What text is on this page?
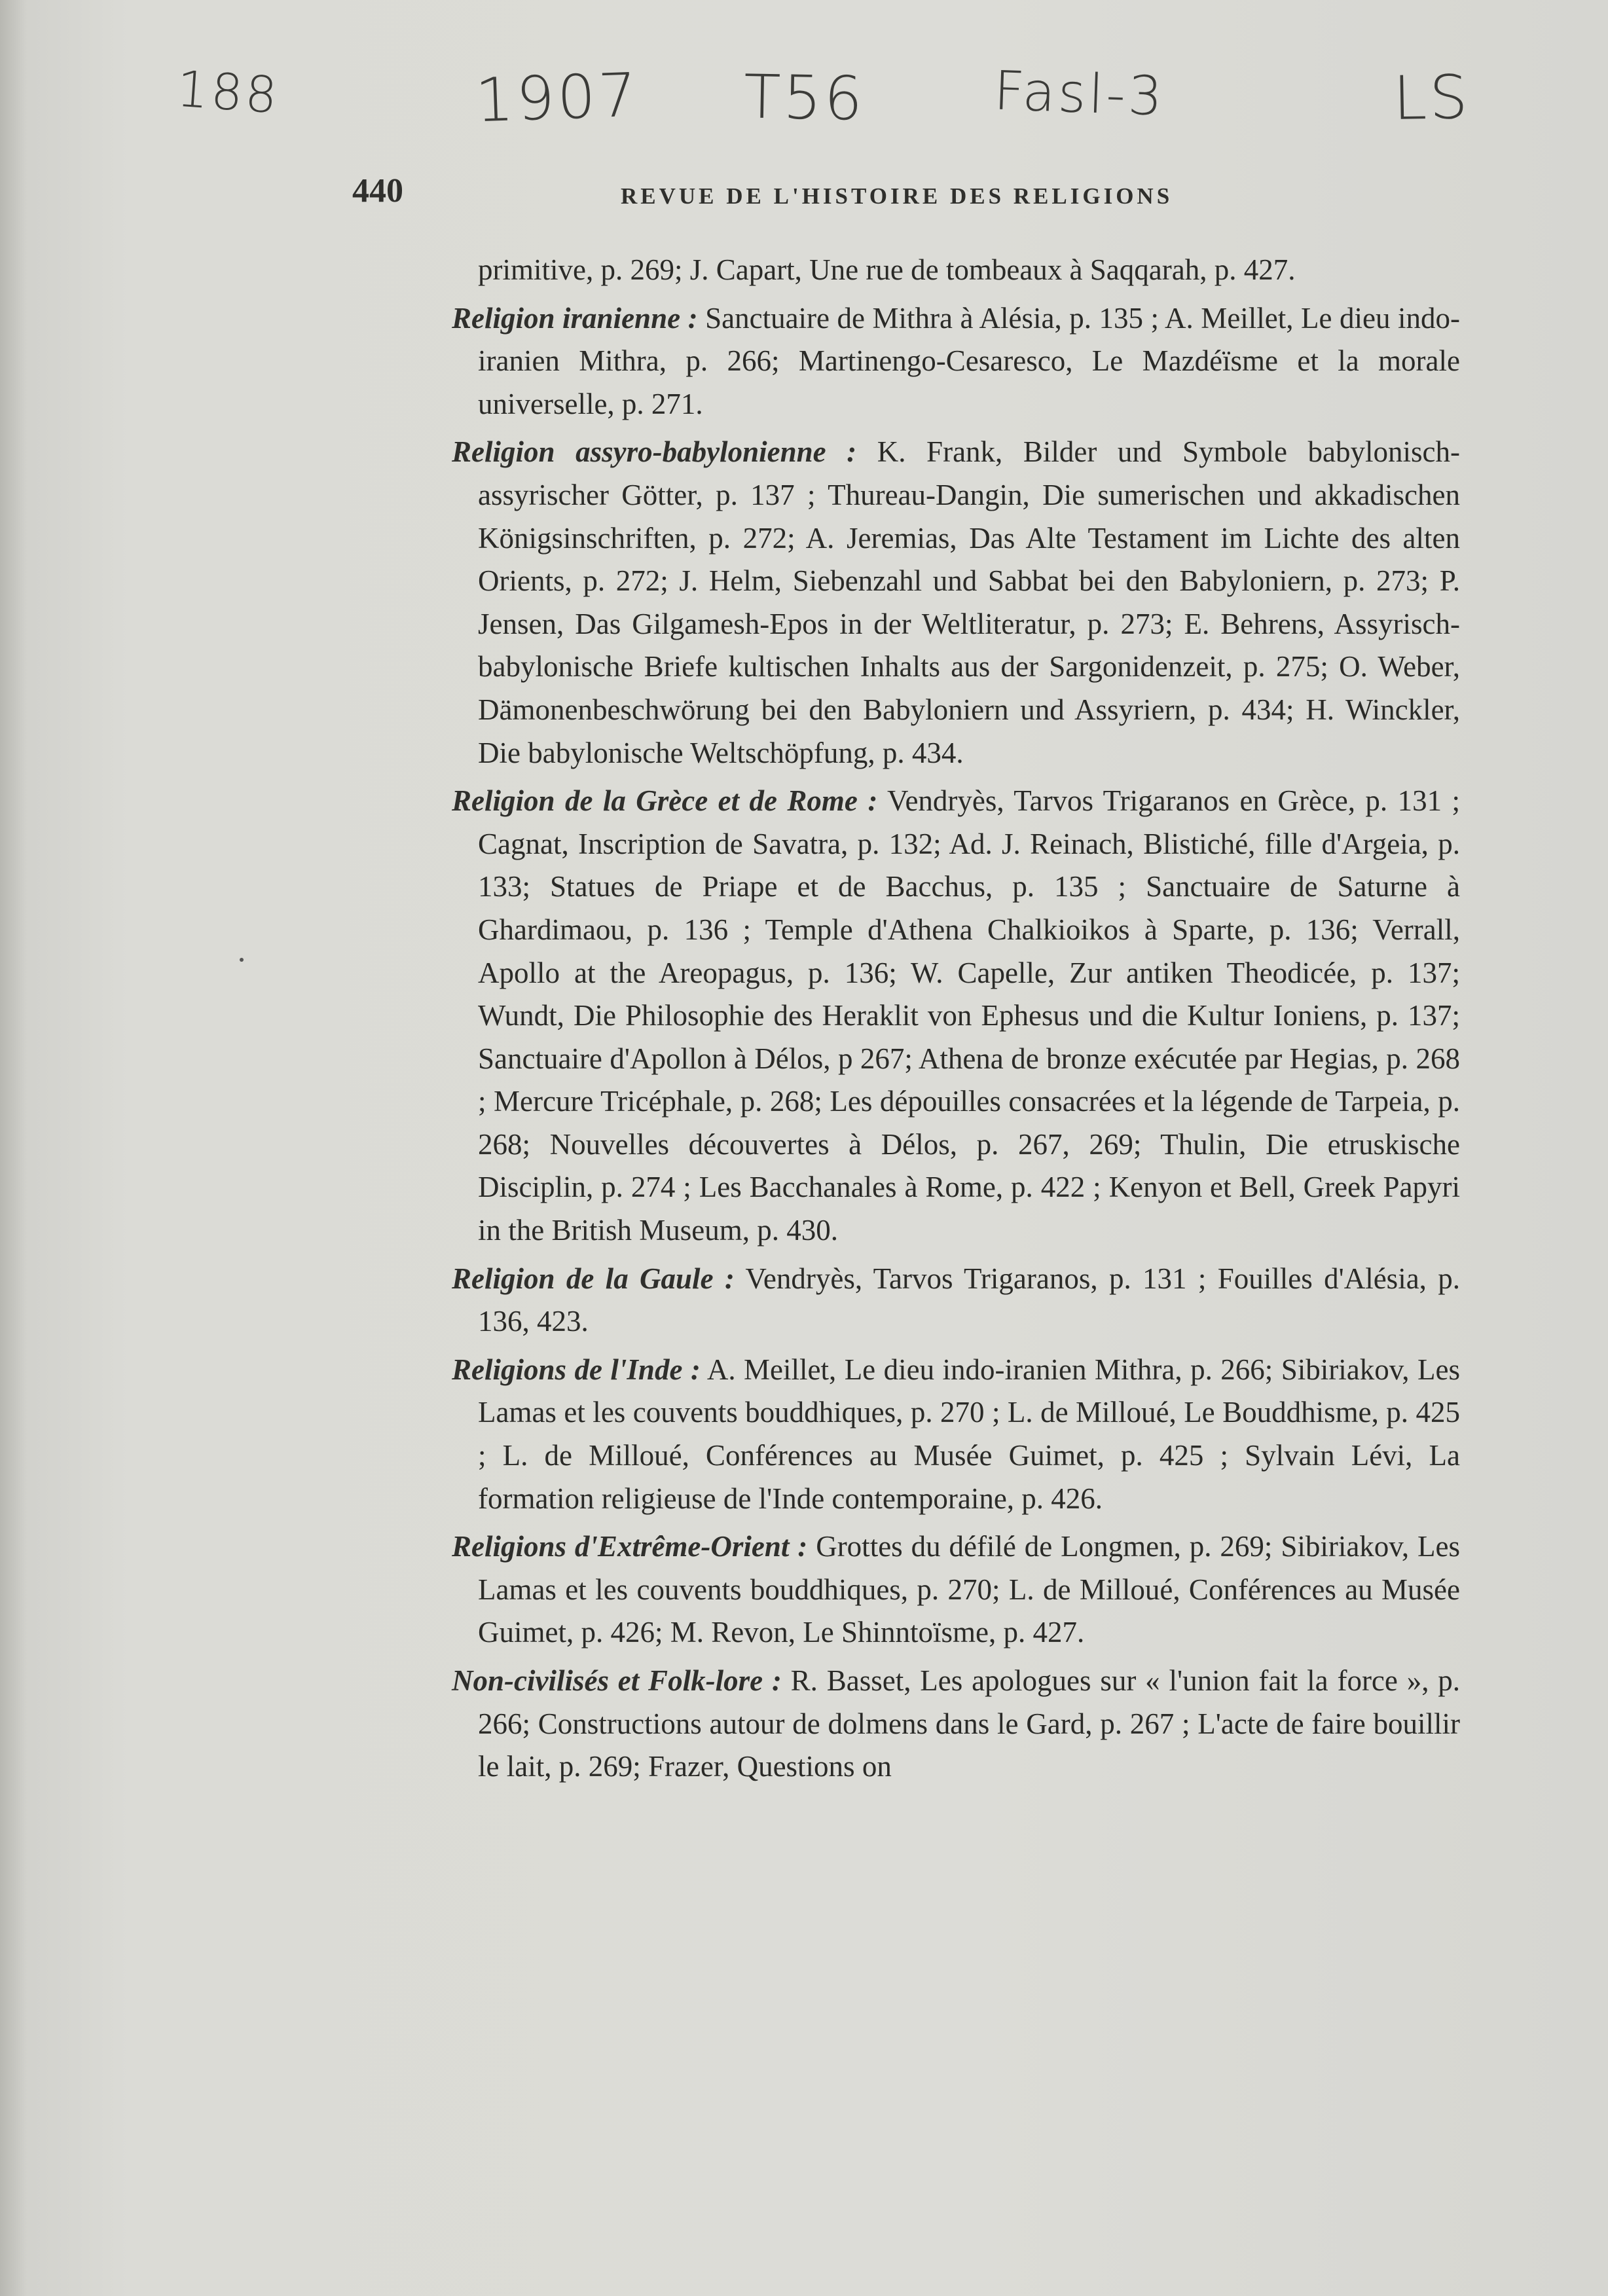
188	1907 T56 Fasl-3	LS
440	REVUE DE L'HISTOIRE DES RELIGIONS

primitive, p. 269; J. Capart, Une rue de tombeaux à Saqqarah, p. 427.

Religion iranienne : Sanctuaire de Mithra à Alésia, p. 135 ; A. Meillet, Le dieu indo-iranien Mithra, p. 266; Martinengo-Cesaresco, Le Mazdéïsme et la morale universelle, p. 271.

Religion assyro-babylonienne : K. Frank, Bilder und Symbole babylonisch-assyrischer Götter, p. 137 ; Thureau-Dangin, Die sumerischen und akkadischen Königsinschriften, p. 272; A. Jeremias, Das Alte Testament im Lichte des alten Orients, p. 272; J. Helm, Siebenzahl und Sabbat bei den Babyloniern, p. 273; P. Jensen, Das Gilgamesh-Epos in der Weltliteratur, p. 273; E. Behrens, Assyrisch-babylonische Briefe kultischen Inhalts aus der Sargonidenzeit, p. 275; O. Weber, Dämonenbeschwörung bei den Babyloniern und Assyriern, p. 434; H. Winckler, Die babylonische Weltschöpfung, p. 434.

Religion de la Grèce et de Rome : Vendryès, Tarvos Trigaranos en Grèce, p. 131 ; Cagnat, Inscription de Savatra, p. 132; Ad. J. Reinach, Blistiché, fille d'Argeia, p. 133; Statues de Priape et de Bacchus, p. 135 ; Sanctuaire de Saturne à Ghardimaou, p. 136 ; Temple d'Athena Chalkioikos à Sparte, p. 136; Verrall, Apollo at the Areopagus, p. 136; W. Capelle, Zur antiken Theodicée, p. 137; Wundt, Die Philosophie des Heraklit von Ephesus und die Kultur Ioniens, p. 137; Sanctuaire d'Apollon à Délos, p 267; Athena de bronze exécutée par Hegias, p. 268 ; Mercure Tricéphale, p. 268; Les dépouilles consacrées et la légende de Tarpeia, p. 268; Nouvelles découvertes à Délos, p. 267, 269; Thulin, Die etruskische Disciplin, p. 274 ; Les Bacchanales à Rome, p. 422 ; Kenyon et Bell, Greek Papyri in the British Museum, p. 430.

Religion de la Gaule : Vendryès, Tarvos Trigaranos, p. 131 ; Fouilles d'Alésia, p. 136, 423.

Religions de l'Inde : A. Meillet, Le dieu indo-iranien Mithra, p. 266; Sibiriakov, Les Lamas et les couvents bouddhiques, p. 270 ; L. de Milloué, Le Bouddhisme, p. 425 ; L. de Milloué, Conférences au Musée Guimet, p. 425 ; Sylvain Lévi, La formation religieuse de l'Inde contemporaine, p. 426.

Religions d'Extrême-Orient : Grottes du défilé de Longmen, p. 269; Sibiriakov, Les Lamas et les couvents bouddhiques, p. 270; L. de Milloué, Conférences au Musée Guimet, p. 426; M. Revon, Le Shinntoïsme, p. 427.

Non-civilisés et Folk-lore : R. Basset, Les apologues sur « l'union fait la force », p. 266; Constructions autour de dolmens dans le Gard, p. 267 ; L'acte de faire bouillir le lait, p. 269; Frazer, Questions on
